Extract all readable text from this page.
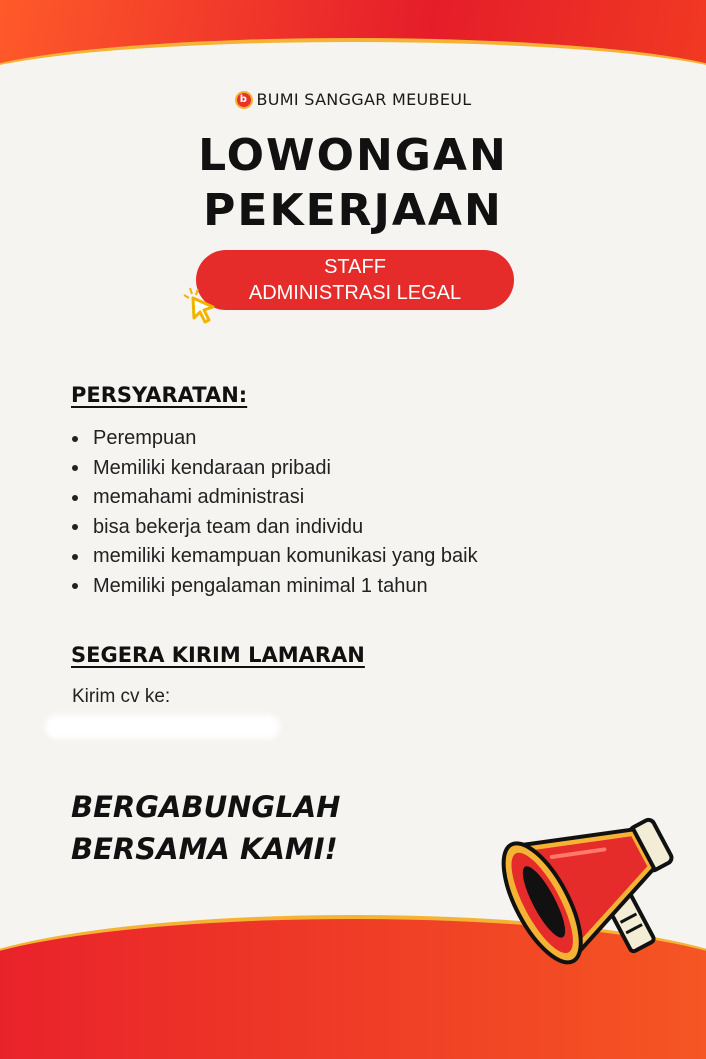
b BUMI SANGGAR MEUBEUL
LOWONGAN
PEKERJAAN
STAFF
ADMINISTRASI LEGAL
PERSYARATAN:
Perempuan
Memiliki kendaraan pribadi
memahami administrasi
bisa bekerja team dan individu
memiliki kemampuan komunikasi yang baik
Memiliki pengalaman minimal 1 tahun
SEGERA KIRIM LAMARAN
Kirim cv ke:
BERGABUNGLAH
BERSAMA KAMI!
